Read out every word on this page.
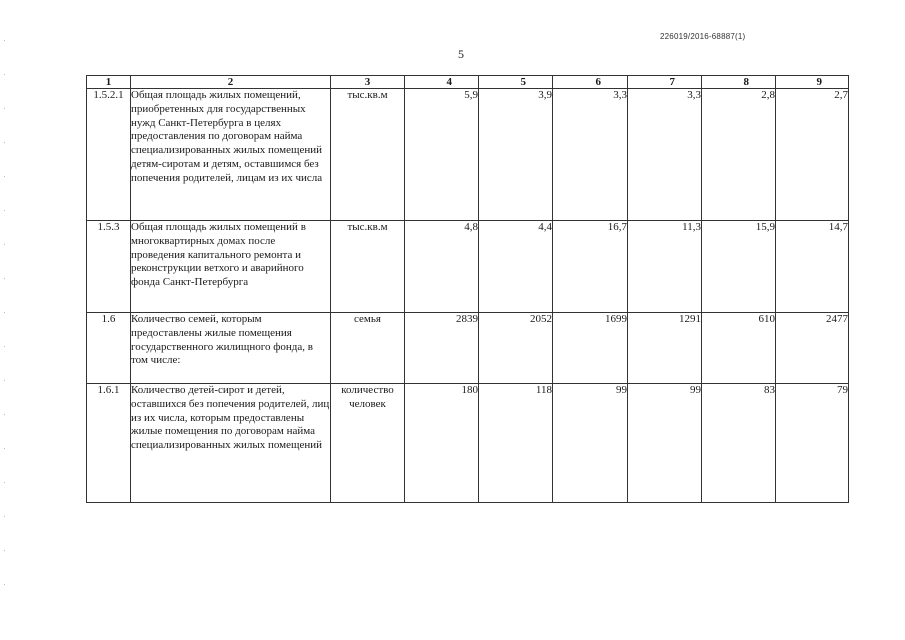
226019/2016-68887(1)
5
1	2	3	4	5	6	7	8	9
1.5.2.1	Общая площадь жилых помещений, приобретенных для государственных нужд Санкт-Петербурга в целях предоставления по договорам найма специализированных жилых помещений детям-сиротам и детям, оставшимся без попечения родителей, лицам из их числа	тыс.кв.м	5,9	3,9	3,3	3,3	2,8	2,7
1.5.3	Общая площадь жилых помещений в многоквартирных домах после проведения капитального ремонта и реконструкции ветхого и аварийного фонда Санкт-Петербурга	тыс.кв.м	4,8	4,4	16,7	11,3	15,9	14,7
1.6	Количество семей, которым предоставлены жилые помещения государственного жилищного фонда, в том числе:	семья	2839	2052	1699	1291	610	2477
1.6.1	Количество детей-сирот и детей, оставшихся без попечения родителей, лиц из их числа, которым предоставлены жилые помещения по договорам найма специализированных жилых помещений	количество человек	180	118	99	99	83	79
